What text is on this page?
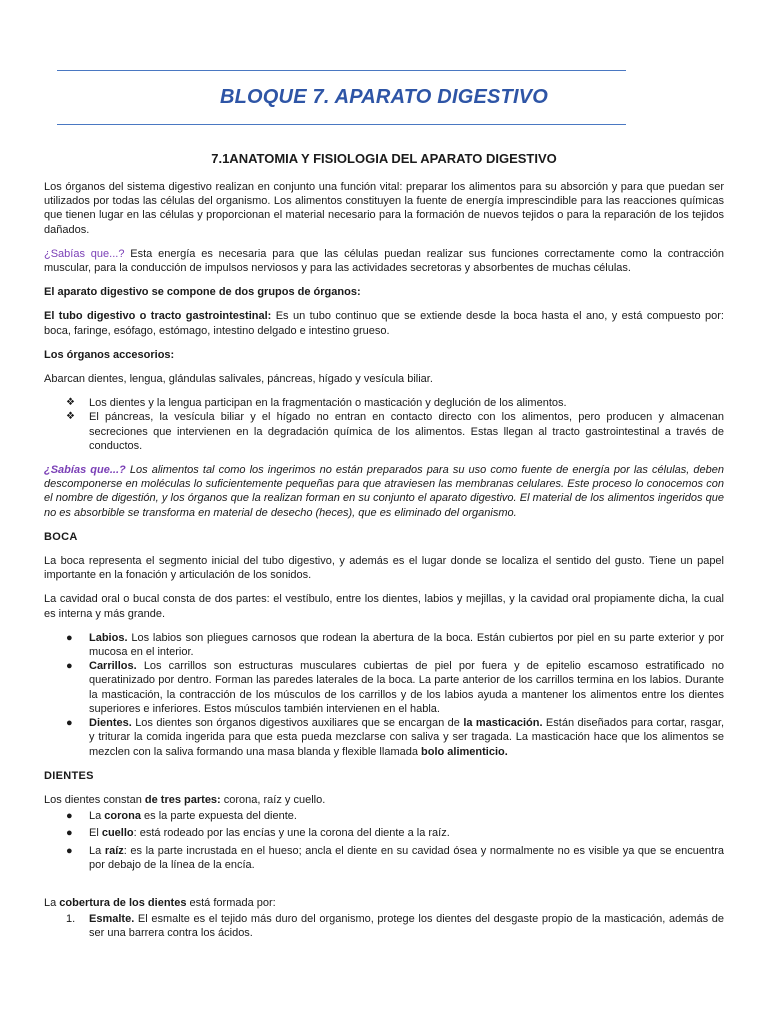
BLOQUE 7. APARATO DIGESTIVO
7.1ANATOMIA Y FISIOLOGIA DEL APARATO DIGESTIVO

Los órganos del sistema digestivo realizan en conjunto una función vital: preparar los alimentos para su absorción y para que puedan ser utilizados por todas las células del organismo. Los alimentos constituyen la fuente de energía imprescindible para las reacciones químicas que tienen lugar en las células y proporcionan el material necesario para la formación de nuevos tejidos o para la reparación de los tejidos dañados.

¿Sabías que...? Esta energía es necesaria para que las células puedan realizar sus funciones correctamente como la contracción muscular, para la conducción de impulsos nerviosos y para las actividades secretoras y absorbentes de muchas células.

El aparato digestivo se compone de dos grupos de órganos:

El tubo digestivo o tracto gastrointestinal: Es un tubo continuo que se extiende desde la boca hasta el ano, y está compuesto por: boca, faringe, esófago, estómago, intestino delgado e intestino grueso.

Los órganos accesorios:

Abarcan dientes, lengua, glándulas salivales, páncreas, hígado y vesícula biliar.

❖ Los dientes y la lengua participan en la fragmentación o masticación y deglución de los alimentos.
❖ El páncreas, la vesícula biliar y el hígado no entran en contacto directo con los alimentos, pero producen y almacenan secreciones que intervienen en la degradación química de los alimentos. Estas llegan al tracto gastrointestinal a través de conductos.

¿Sabías que...? Los alimentos tal como los ingerimos no están preparados para su uso como fuente de energía por las células, deben descomponerse en moléculas lo suficientemente pequeñas para que atraviesen las membranas celulares. Este proceso lo conocemos con el nombre de digestión, y los órganos que la realizan forman en su conjunto el aparato digestivo. El material de los alimentos ingeridos que no es absorbible se transforma en material de desecho (heces), que es eliminado del organismo.

BOCA

La boca representa el segmento inicial del tubo digestivo, y además es el lugar donde se localiza el sentido del gusto. Tiene un papel importante en la fonación y articulación de los sonidos.

La cavidad oral o bucal consta de dos partes: el vestíbulo, entre los dientes, labios y mejillas, y la cavidad oral propiamente dicha, la cual es interna y más grande.

● Labios. Los labios son pliegues carnosos que rodean la abertura de la boca. Están cubiertos por piel en su parte exterior y por mucosa en el interior.
● Carrillos. Los carrillos son estructuras musculares cubiertas de piel por fuera y de epitelio escamoso estratificado no queratinizado por dentro. Forman las paredes laterales de la boca. La parte anterior de los carrillos termina en los labios. Durante la masticación, la contracción de los músculos de los carrillos y de los labios ayuda a mantener los alimentos entre los dientes superiores e inferiores. Estos músculos también intervienen en el habla.
● Dientes. Los dientes son órganos digestivos auxiliares que se encargan de la masticación. Están diseñados para cortar, rasgar, y triturar la comida ingerida para que esta pueda mezclarse con saliva y ser tragada. La masticación hace que los alimentos se mezclen con la saliva formando una masa blanda y flexible llamada bolo alimenticio.

DIENTES

Los dientes constan de tres partes: corona, raíz y cuello.

● La corona es la parte expuesta del diente.
● El cuello: está rodeado por las encías y une la corona del diente a la raíz.
● La raíz: es la parte incrustada en el hueso; ancla el diente en su cavidad ósea y normalmente no es visible ya que se encuentra por debajo de la línea de la encía.

La cobertura de los dientes está formada por:

1. Esmalte. El esmalte es el tejido más duro del organismo, protege los dientes del desgaste propio de la masticación, además de ser una barrera contra los ácidos.
